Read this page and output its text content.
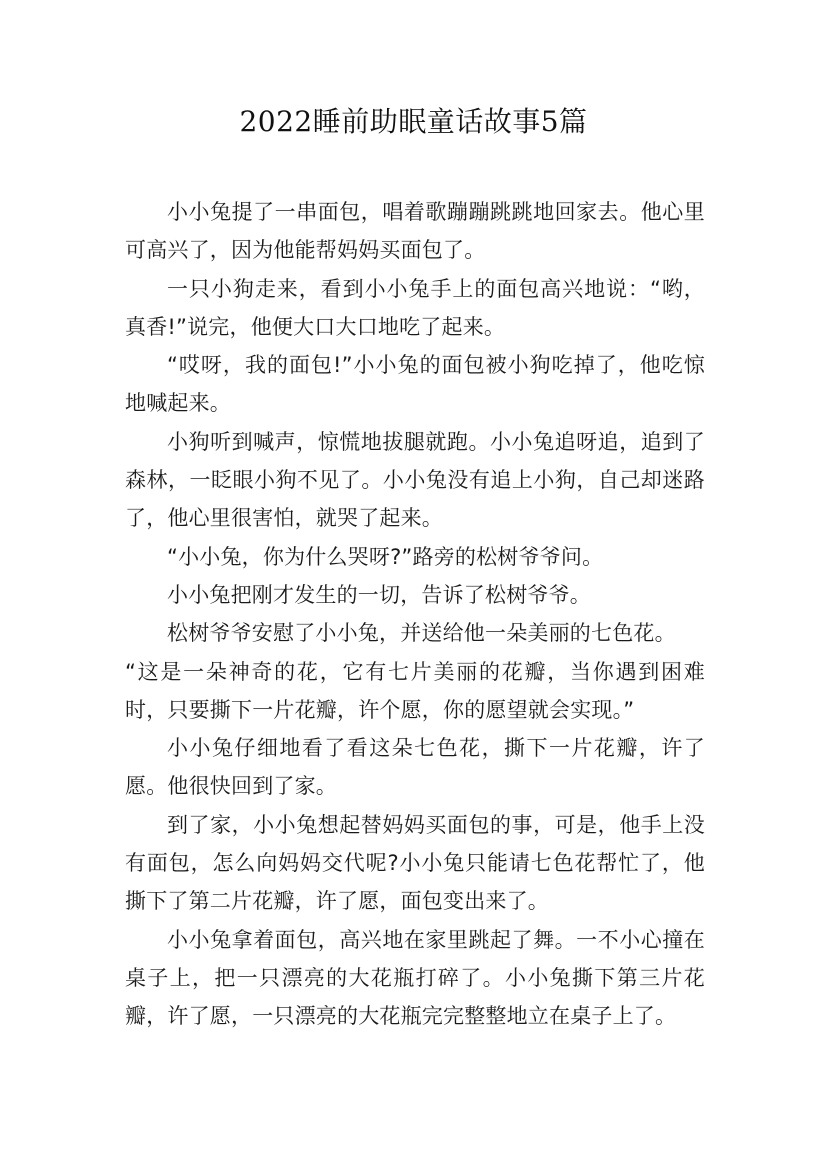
2022睡前助眠童话故事5篇

小小兔提了一串面包，唱着歌蹦蹦跳跳地回家去。他心里可高兴了，因为他能帮妈妈买面包了。

一只小狗走来，看到小小兔手上的面包高兴地说：“哟，真香!”说完，他便大口大口地吃了起来。

“哎呀，我的面包!”小小兔的面包被小狗吃掉了，他吃惊地喊起来。

小狗听到喊声，惊慌地拔腿就跑。小小兔追呀追，追到了森林，一眨眼小狗不见了。小小兔没有追上小狗，自己却迷路了，他心里很害怕，就哭了起来。

“小小兔，你为什么哭呀?”路旁的松树爷爷问。

小小兔把刚才发生的一切，告诉了松树爷爷。

松树爷爷安慰了小小兔，并送给他一朵美丽的七色花。

“这是一朵神奇的花，它有七片美丽的花瓣，当你遇到困难时，只要撕下一片花瓣，许个愿，你的愿望就会实现。”

小小兔仔细地看了看这朵七色花，撕下一片花瓣，许了愿。他很快回到了家。

到了家，小小兔想起替妈妈买面包的事，可是，他手上没有面包，怎么向妈妈交代呢?小小兔只能请七色花帮忙了，他撕下了第二片花瓣，许了愿，面包变出来了。

小小兔拿着面包，高兴地在家里跳起了舞。一不小心撞在桌子上，把一只漂亮的大花瓶打碎了。小小兔撕下第三片花瓣，许了愿，一只漂亮的大花瓶完完整整地立在桌子上了。
